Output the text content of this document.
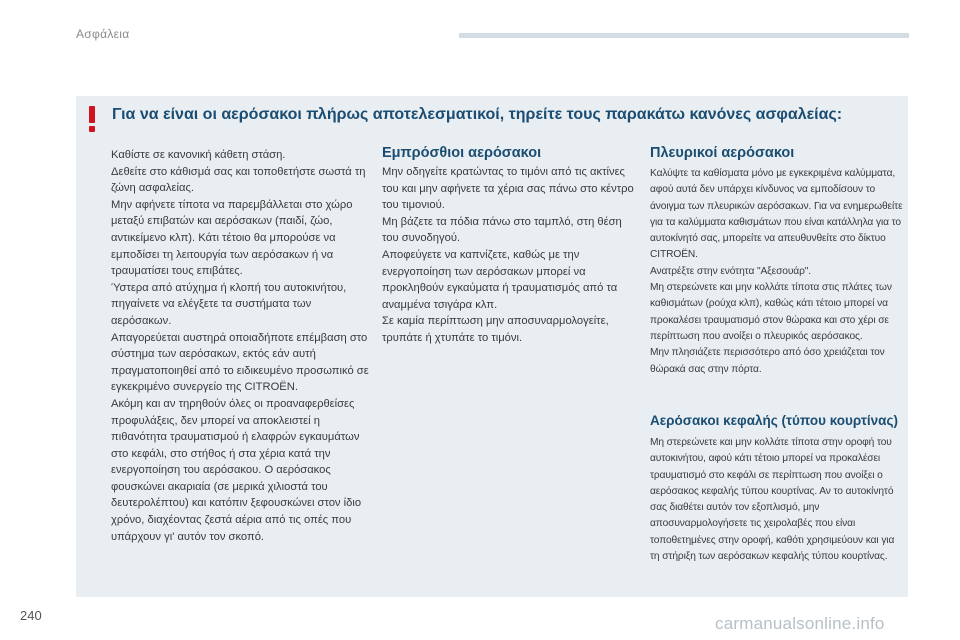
Ασφάλεια
Για να είναι οι αερόσακοι πλήρως αποτελεσματικοί, τηρείτε τους παρακάτω κανόνες ασφαλείας:

Καθίστε σε κανονική κάθετη στάση.

Δεθείτε στο κάθισμά σας και τοποθετήστε σωστά τη ζώνη ασφαλείας.

Μην αφήνετε τίποτα να παρεμβάλλεται στο χώρο μεταξύ επιβατών και αερόσακων (παιδί, ζώο, αντικείμενο κλπ). Κάτι τέτοιο θα μπορούσε να εμποδίσει τη λειτουργία των αερόσακων ή να τραυματίσει τους επιβάτες.

Ύστερα από ατύχημα ή κλοπή του αυτοκινήτου, πηγαίνετε να ελέγξετε τα συστήματα των αερόσακων.

Απαγορεύεται αυστηρά οποιαδήποτε επέμβαση στο σύστημα των αερόσακων, εκτός εάν αυτή πραγματοποιηθεί από το ειδικευμένο προσωπικό σε εγκεκριμένο συνεργείο της CITROËN.

Ακόμη και αν τηρηθούν όλες οι προαναφερθείσες προφυλάξεις, δεν μπορεί να αποκλειστεί η πιθανότητα τραυματισμού ή ελαφρών εγκαυμάτων στο κεφάλι, στο στήθος ή στα χέρια κατά την ενεργοποίηση του αερόσακου. Ο αερόσακος φουσκώνει ακαριαία (σε μερικά χιλιοστά του δευτερολέπτου) και κατόπιν ξεφουσκώνει στον ίδιο χρόνο, διαχέοντας ζεστά αέρια από τις οπές που υπάρχουν γι' αυτόν τον σκοπό.

Εμπρόσθιοι αερόσακοι

Μην οδηγείτε κρατώντας το τιμόνι από τις ακτίνες του και μην αφήνετε τα χέρια σας πάνω στο κέντρο του τιμονιού.

Μη βάζετε τα πόδια πάνω στο ταμπλό, στη θέση του συνοδηγού.

Αποφεύγετε να καπνίζετε, καθώς με την ενεργοποίηση των αερόσακων μπορεί να προκληθούν εγκαύματα ή τραυματισμός από τα αναμμένα τσιγάρα κλπ.

Σε καμία περίπτωση μην αποσυναρμολογείτε, τρυπάτε ή χτυπάτε το τιμόνι.

Πλευρικοί αερόσακοι

Καλύψτε τα καθίσματα μόνο με εγκεκριμένα καλύμματα, αφού αυτά δεν υπάρχει κίνδυνος να εμποδίσουν το άνοιγμα των πλευρικών αερόσακων. Για να ενημερωθείτε για τα καλύμματα καθισμάτων που είναι κατάλληλα για το αυτοκίνητό σας, μπορείτε να απευθυνθείτε στο δίκτυο CITROËN.

Ανατρέξτε στην ενότητα "Αξεσουάρ".

Μη στερεώνετε και μην κολλάτε τίποτα στις πλάτες των καθισμάτων (ρούχα κλπ), καθώς κάτι τέτοιο μπορεί να προκαλέσει τραυματισμό στον θώρακα και στο χέρι σε περίπτωση που ανοίξει ο πλευρικός αερόσακος.

Μην πλησιάζετε περισσότερο από όσο χρειάζεται τον θώρακά σας στην πόρτα.

Αερόσακοι κεφαλής (τύπου κουρτίνας)

Μη στερεώνετε και μην κολλάτε τίποτα στην οροφή του αυτοκινήτου, αφού κάτι τέτοιο μπορεί να προκαλέσει τραυματισμό στο κεφάλι σε περίπτωση που ανοίξει ο αερόσακος κεφαλής τύπου κουρτίνας. Αν το αυτοκίνητό σας διαθέτει αυτόν τον εξοπλισμό, μην αποσυναρμολογήσετε τις χειρολαβές που είναι τοποθετημένες στην οροφή, καθότι χρησιμεύουν και για τη στήριξη των αερόσακων κεφαλής τύπου κουρτίνας.

240	carmanualsonline.info
